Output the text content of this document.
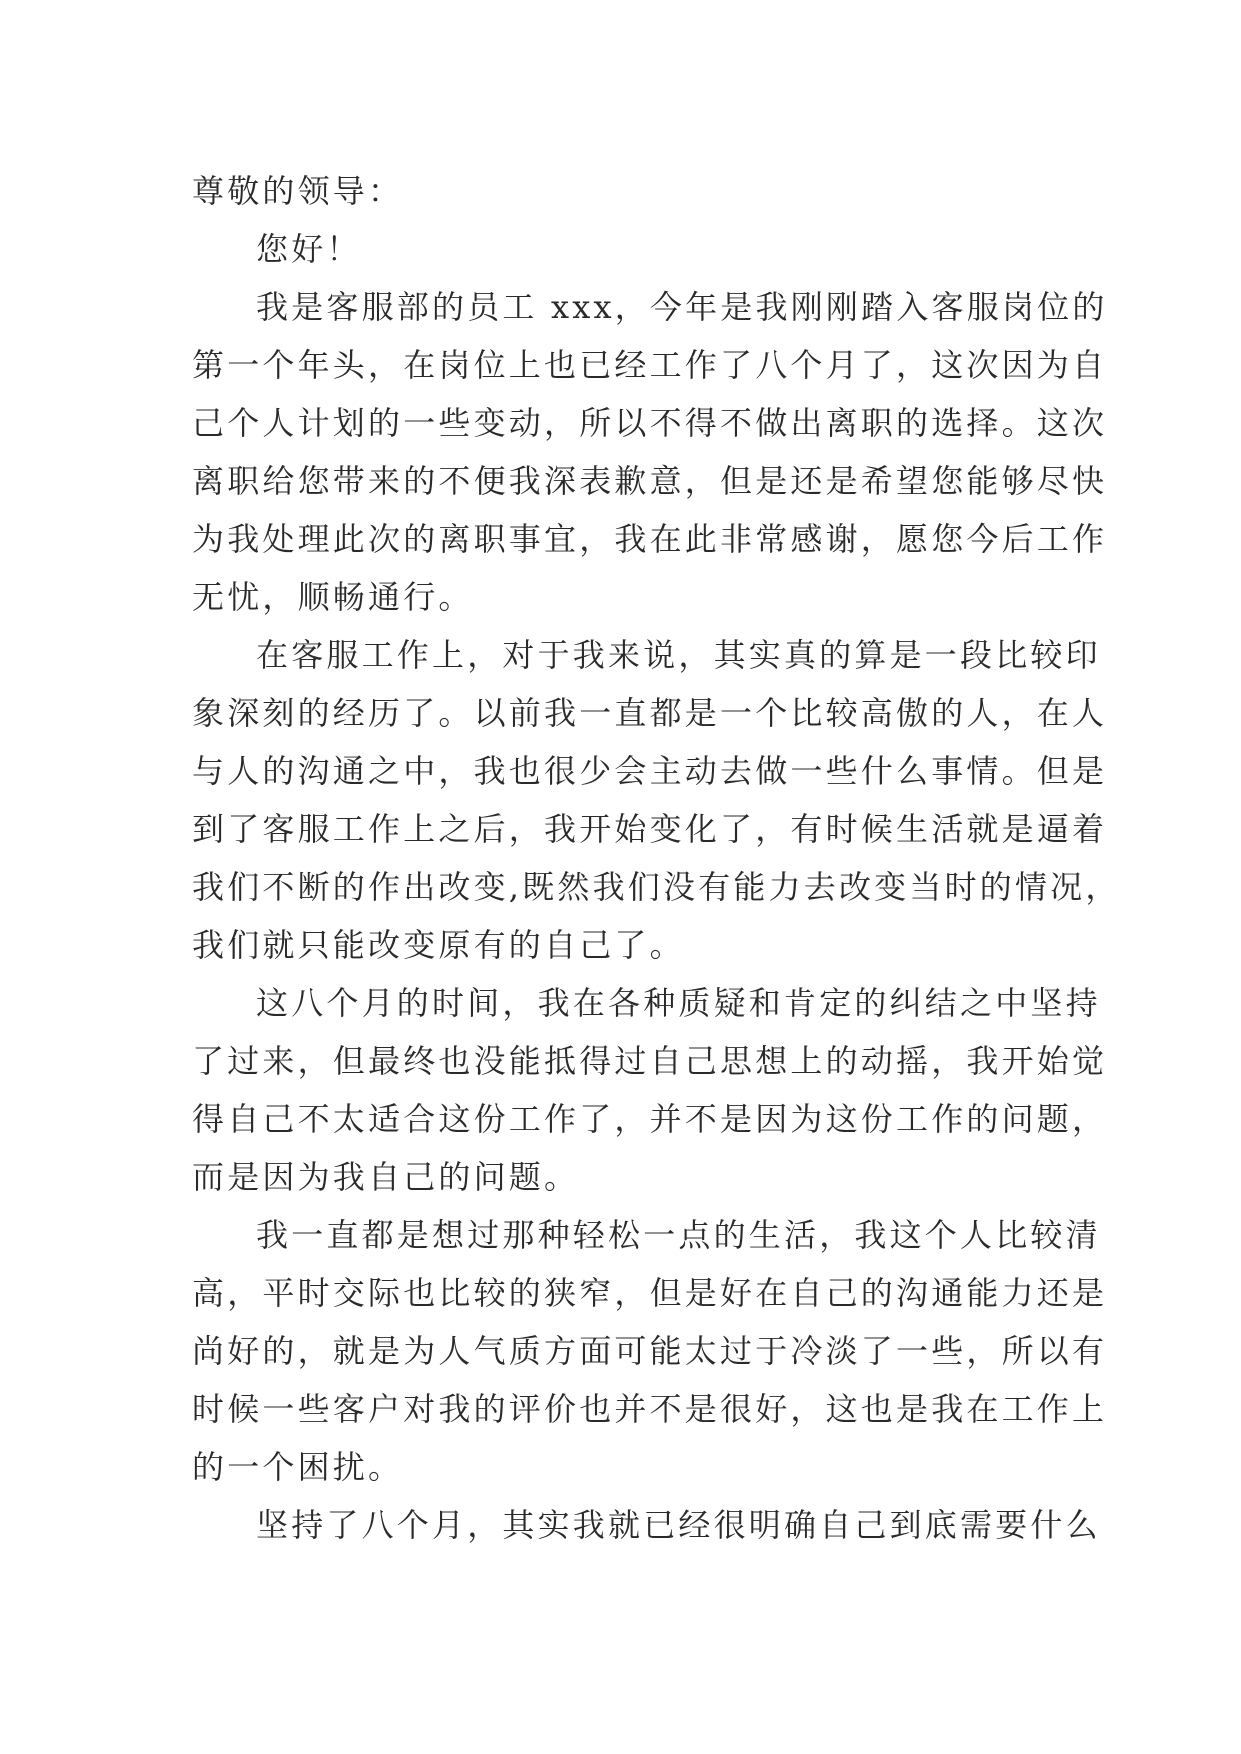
尊敬的领导：

您好！

我是客服部的员工 xxx，今年是我刚刚踏入客服岗位的

第一个年头，在岗位上也已经工作了八个月了，这次因为自

己个人计划的一些变动，所以不得不做出离职的选择。这次

离职给您带来的不便我深表歉意，但是还是希望您能够尽快

为我处理此次的离职事宜，我在此非常感谢，愿您今后工作

无忧，顺畅通行。

在客服工作上，对于我来说，其实真的算是一段比较印

象深刻的经历了。以前我一直都是一个比较高傲的人，在人

与人的沟通之中，我也很少会主动去做一些什么事情。但是

到了客服工作上之后，我开始变化了，有时候生活就是逼着

我们不断的作出改变,既然我们没有能力去改变当时的情况，

我们就只能改变原有的自己了。

这八个月的时间，我在各种质疑和肯定的纠结之中坚持

了过来，但最终也没能抵得过自己思想上的动摇，我开始觉

得自己不太适合这份工作了，并不是因为这份工作的问题，

而是因为我自己的问题。

我一直都是想过那种轻松一点的生活，我这个人比较清

高，平时交际也比较的狭窄，但是好在自己的沟通能力还是

尚好的，就是为人气质方面可能太过于冷淡了一些，所以有

时候一些客户对我的评价也并不是很好，这也是我在工作上

的一个困扰。

坚持了八个月，其实我就已经很明确自己到底需要什么
